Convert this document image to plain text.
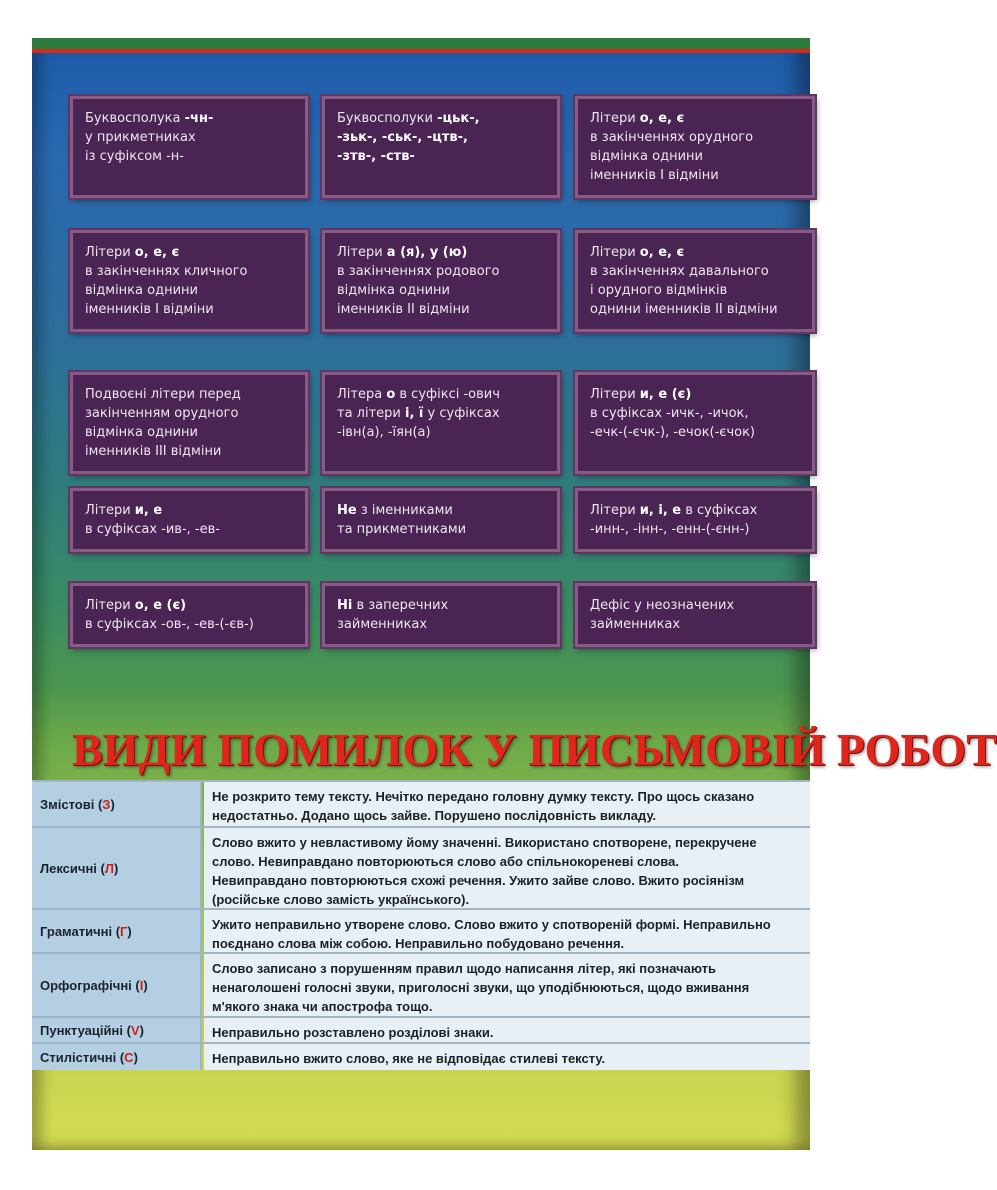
Буквосполука -чн-
у прикметниках
із суфіксом -н-
Буквосполуки -цьк-,
-зьк-, -ськ-, -цтв-,
-зтв-, -ств-
Літери о, е, є
в закінченнях орудного
відмінка однини
іменників І відміни
Літери о, е, є
в закінченнях кличного
відмінка однини
іменників І відміни
Літери а (я), у (ю)
в закінченнях родового
відмінка однини
іменників ІІ відміни
Літери о, е, є
в закінченнях давального
і орудного відмінків
однини іменників ІІ відміни
Подвоєні літери перед
закінченням орудного
відмінка однини
іменників ІІІ відміни
Літера о в суфіксі -ович
та літери і, ї у суфіксах
-івн(а), -їян(а)
Літери и, е (є)
в суфіксах -ичк-, -ичок,
-ечк-(-єчк-), -ечок(-єчок)
Літери и, е
в суфіксах -ив-, -ев-
Не з іменниками
та прикметниками
Літери и, і, е в суфіксах
-инн-, -інн-, -енн-(-єнн-)
Літери о, е (є)
в суфіксах -ов-, -ев-(-єв-)
Ні в заперечних
займенниках
Дефіс у неозначених
займенниках
ВИДИ ПОМИЛОК У ПИСЬМОВІЙ РОБОТ
Змістові ( З )	Не розкрито тему тексту. Нечітко передано головну думку тексту. Про щось сказано
недостатньо. Додано щось зайве. Порушено послідовність викладу.
Лексичні ( Л )
Слово вжито у невластивому йому значенні. Використано спотворене, перекручене
слово. Невиправдано повторюються слово або спільнокореневі слова.
Невиправдано повторюються схожі речення. Ужито зайве слово. Вжито росіянізм
(російське слово замість українського).
Граматичні ( Г )	Ужито неправильно утворене слово. Слово вжито у спотвореній формі. Неправильно
поєднано слова між собою. Неправильно побудовано речення.
Орфографічні ( І )
Слово записано з порушенням правил щодо написання літер, які позначають
ненаголошені голосні звуки, приголосні звуки, що уподібнюються, щодо вживання
м'якого знака чи апострофа тощо.
Пунктуаційні ( V )	Неправильно розставлено розділові знаки.
Стилістичні ( С )	Неправильно вжито слово, яке не відповідає стилеві тексту.
